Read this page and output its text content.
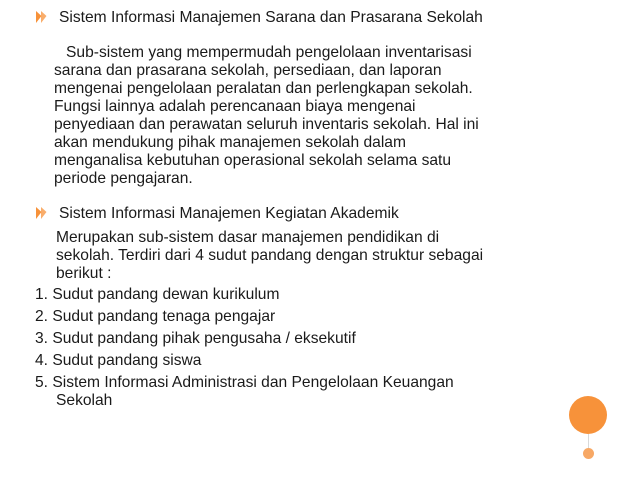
Sistem Informasi Manajemen Sarana dan Prasarana Sekolah
Sub-sistem yang mempermudah pengelolaan inventarisasi
sarana dan prasarana sekolah, persediaan, dan laporan
mengenai pengelolaan peralatan dan perlengkapan sekolah.
Fungsi lainnya adalah perencanaan biaya mengenai
penyediaan dan perawatan seluruh inventaris sekolah. Hal ini
akan mendukung pihak manajemen sekolah dalam
menganalisa kebutuhan operasional sekolah selama satu
periode pengajaran.
Sistem Informasi Manajemen Kegiatan Akademik
Merupakan sub-sistem dasar manajemen pendidikan di
sekolah. Terdiri dari 4 sudut pandang dengan struktur sebagai
berikut :
1. Sudut pandang dewan kurikulum
2. Sudut pandang tenaga pengajar
3. Sudut pandang pihak pengusaha / eksekutif
4. Sudut pandang siswa
5. Sistem Informasi Administrasi dan Pengelolaan Keuangan
Sekolah
